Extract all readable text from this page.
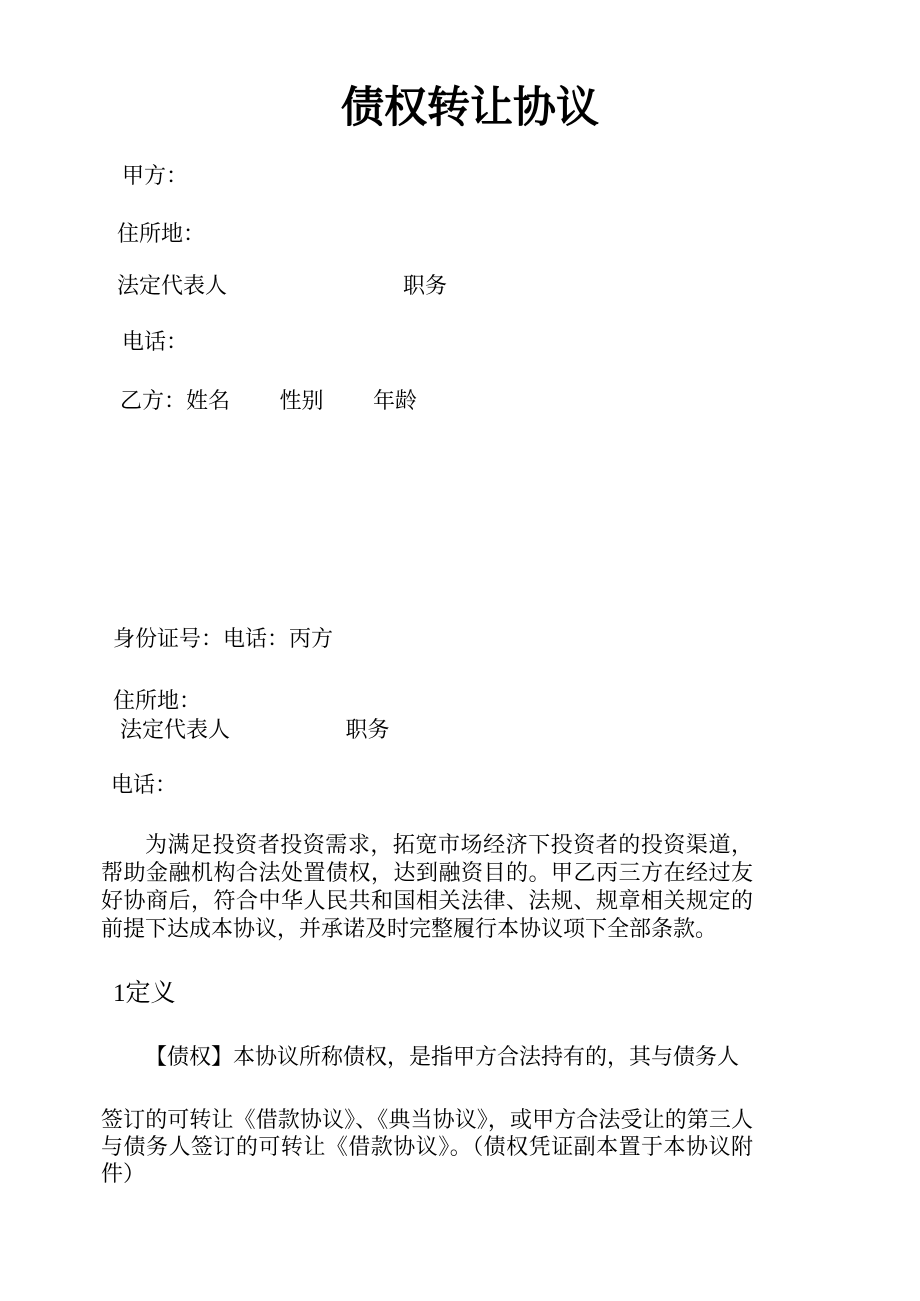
债权转让协议
甲方：
住所地：
法定代表人　　　　　　　　职务
电话：
乙方：姓名　　 性别　　 年龄
身份证号：电话：丙方
住所地：
法定代表人　　　　　 职务
电话：
为满足投资者投资需求，拓宽市场经济下投资者的投资渠道，帮助金融机构合法处置债权，达到融资目的。甲乙丙三方在经过友好协商后，符合中华人民共和国相关法律、法规、规章相关规定的前提下达成本协议，并承诺及时完整履行本协议项下全部条款。
1定义
【债权】本协议所称债权，是指甲方合法持有的，其与债务人
签订的可转让《借款协议》、《典当协议》，或甲方合法受让的第三人与债务人签订的可转让《借款协议》。（债权凭证副本置于本协议附件）
